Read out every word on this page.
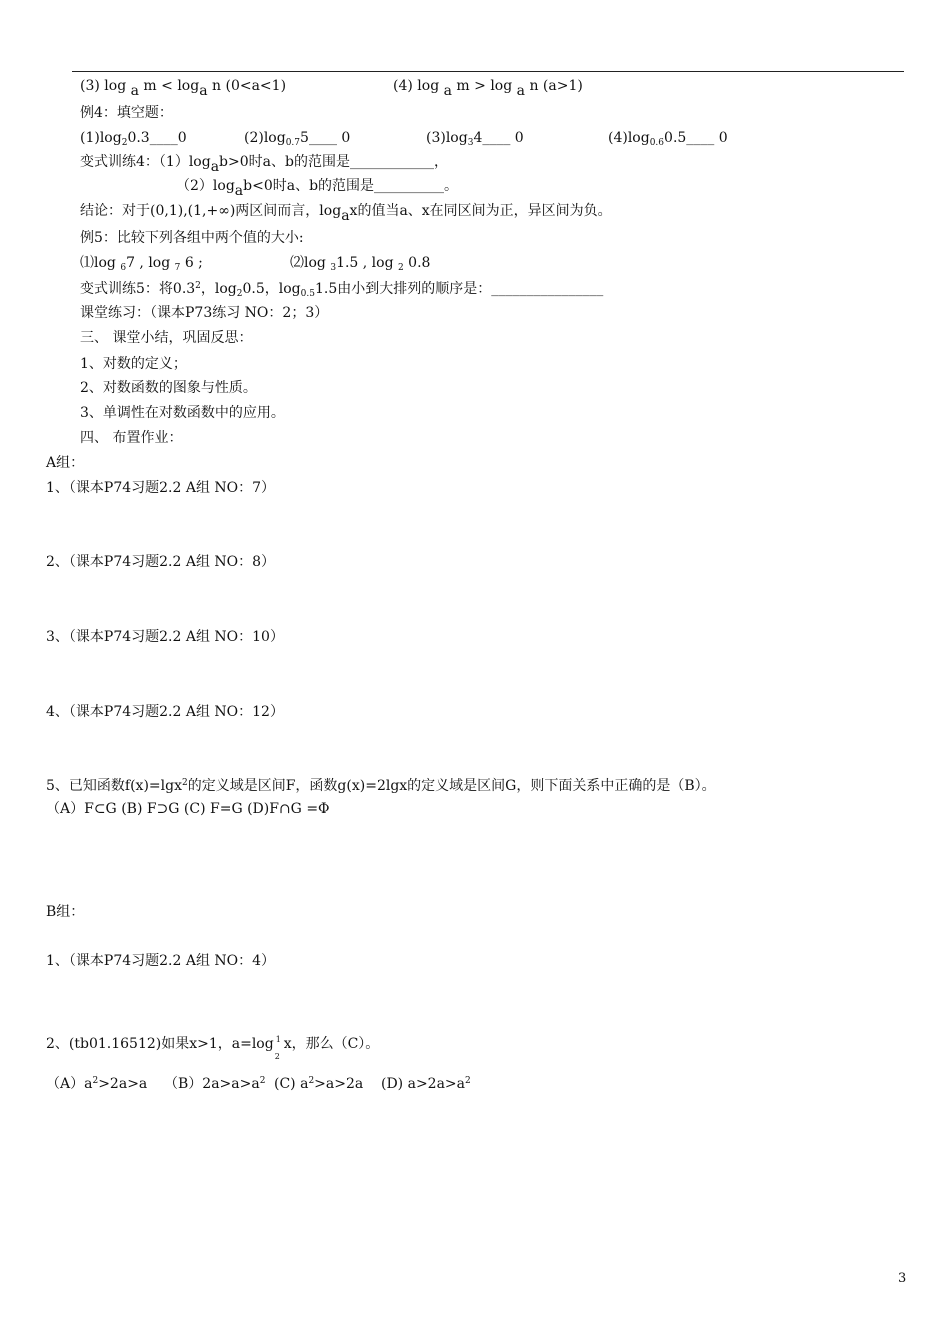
(3) log $_a$ $m < \log_a n$ (0<a<1)	(4) log $_a$ m > log $_a$ n (a>1)
例4：填空题：
$(1)\log_20.3\_\_\_\_0$	$(2)\log_{0.7}5\_\_\_\_$ 0	$(3)\log_34\_\_\_\_$ 0	$(4)\log_{0.6}0.5\_\_\_\_$ 0
变式训练4：$(1)\log_ab>0$时a、b的范围是____________，
$(2)\log_ab<0$时a、b的范围是__________。
结论：对于(0,1),(1,+∞)两区间而言，$\log_ax$的值当a、x在同区间为正，异区间为负。
例5：比较下列各组中两个值的大小:
⑴log $_6$7 , log $_7$ 6 ;	⑵log $_3$1.5 , log $_2$ 0.8
变式训练5：将$0.3^2$，$\log_20.5$，$\log_{0.5}1.5$由小到大排列的顺序是：________________
课堂练习：（课本P73练习 NO：2；3）
三、 课堂小结，巩固反思：
1、对数的定义；
2、对数函数的图象与性质。
3、单调性在对数函数中的应用。
四、 布置作业：
A组：
1、（课本P74习题2.2 A组 NO：7）
2、（课本P74习题2.2 A组 NO：8）
3、（课本P74习题2.2 A组 NO：10）
4、（课本P74习题2.2 A组 NO：12）
5、已知函数f(x)=lgx$^2$的定义域是区间F，函数g(x)=2lgx的定义域是区间G，则下面关系中正确的是（B）。
（A）F⊂G (B) F⊃G (C) F=G (D)F∩G =Φ
B组：
1、（课本P74习题2.2 A组 NO：4）
2、(tb01.16512)如果x>1，a=log 1
2
x，那么（C）。
$(A)a^2>2a>a$ $(B)2a>a>a^2$ (C) $a^2>a>2a$ (D) $a>2a>a^2$
3
